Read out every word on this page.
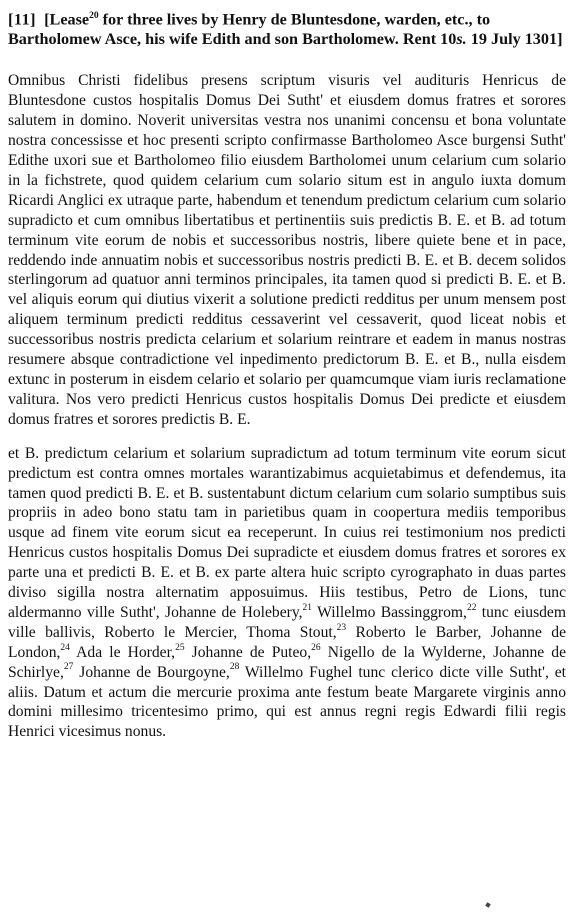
[11] [Lease$^{20}$ for three lives by Henry de Bluntesdone, warden, etc., to Bartholomew Asce, his wife Edith and son Bartholomew. Rent 10s. 19 July 1301]

Omnibus Christi fidelibus presens scriptum visuris vel audituris Henricus de Bluntesdone custos hospitalis Domus Dei Sutht' et eiusdem domus fratres et sorores salutem in domino. Noverit universitas vestra nos unanimi concensu et bona voluntate nostra concessisse et hoc presenti scripto confirmasse Bartholomeo Asce burgensi Sutht' Edithe uxori sue et Bartholomeo filio eiusdem Bartholomei unum celarium cum solario in la fichstrete, quod quidem celarium cum solario situm est in angulo iuxta domum Ricardi Anglici ex utraque parte, habendum et tenendum predictum celarium cum solario supradicto et cum omnibus libertatibus et pertinentiis suis predictis B. E. et B. ad totum terminum vite eorum de nobis et successoribus nostris, libere quiete bene et in pace, reddendo inde annuatim nobis et successoribus nostris predicti B. E. et B. decem solidos sterlingorum ad quatuor anni terminos principales, ita tamen quod si predicti B. E. et B. vel aliquis eorum qui diutius vixerit a solutione predicti redditus per unum mensem post aliquem terminum predicti redditus cessaverint vel cessaverit, quod liceat nobis et successoribus nostris predicta celarium et solarium reintrare et eadem in manus nostras resumere absque contradictione vel inpedimento predictorum B. E. et B., nulla eisdem extunc in posterum in eisdem celario et solario per quamcumque viam iuris reclamatione valitura. Nos vero predicti Henricus custos hospitalis Domus Dei predicte et eiusdem domus fratres et sorores predictis B. E.

et B. predictum celarium et solarium supradictum ad totum terminum vite eorum sicut predictum est contra omnes mortales warantizabimus acquietabimus et defendemus, ita tamen quod predicti B. E. et B. sustentabunt dictum celarium cum solario sumptibus suis propriis in adeo bono statu tam in parietibus quam in coopertura mediis temporibus usque ad finem vite eorum sicut ea receperunt. In cuius rei testimonium nos predicti Henricus custos hospitalis Domus Dei supradicte et eiusdem domus fratres et sorores ex parte una et predicti B. E. et B. ex parte altera huic scripto cyrographato in duas partes diviso sigilla nostra alternatim apposuimus. Hiis testibus, Petro de Lions, tunc aldermanno ville Sutht', Johanne de Holebery,$^{21}$ Willelmo Bassinggrom,$^{22}$ tunc eiusdem ville ballivis, Roberto le Mercier, Thoma Stout,$^{23}$ Roberto le Barber, Johanne de London,$^{24}$ Ada le Horder,$^{25}$ Johanne de Puteo,$^{26}$ Nigello de la Wylderne, Johanne de Schirlye,$^{27}$ Johanne de Bourgoyne,$^{28}$ Willelmo Fughel tunc clerico dicte ville Sutht', et aliis. Datum et actum die mercurie proxima ante festum beate Margarete virginis anno domini millesimo tricentesimo primo, qui est annus regni regis Edwardi filii regis Henrici vicesimus nonus.
